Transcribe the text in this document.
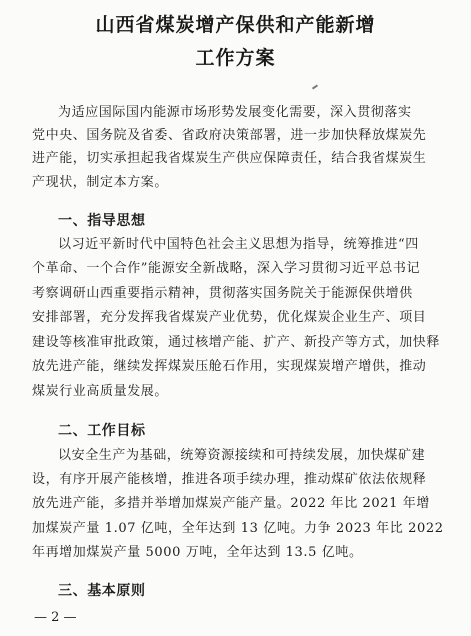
山西省煤炭增产保供和产能新增
工作方案
为适应国际国内能源市场形势发展变化需要，深入贯彻落实
党中央、国务院及省委、省政府决策部署，进一步加快释放煤炭先
进产能，切实承担起我省煤炭生产供应保障责任，结合我省煤炭生
产现状，制定本方案。
一、指导思想
以习近平新时代中国特色社会主义思想为指导，统筹推进“四
个革命、一个合作”能源安全新战略，深入学习贯彻习近平总书记
考察调研山西重要指示精神，贯彻落实国务院关于能源保供增供
安排部署，充分发挥我省煤炭产业优势，优化煤炭企业生产、项目
建设等核准审批政策，通过核增产能、扩产、新投产等方式，加快释
放先进产能，继续发挥煤炭压舱石作用，实现煤炭增产增供，推动
煤炭行业高质量发展。
二、工作目标
以安全生产为基础，统筹资源接续和可持续发展，加快煤矿建
设，有序开展产能核增，推进各项手续办理，推动煤矿依法依规释
放先进产能，多措并举增加煤炭产能产量。2022 年比 2021 年增
加煤炭产量 1.07 亿吨，全年达到 13 亿吨。力争 2023 年比 2022
年再增加煤炭产量 5000 万吨，全年达到 13.5 亿吨。
三、基本原则
— 2 —
